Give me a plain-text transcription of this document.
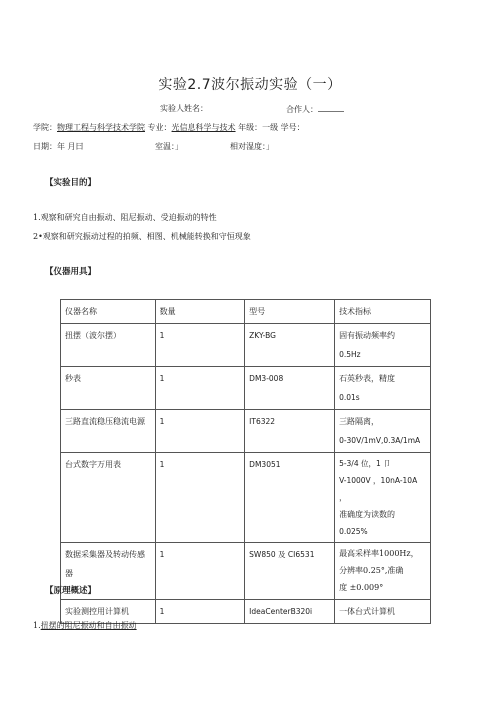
实验2.7波尔振动实验（一）
实验人姓名：	合作人：
学院：物理工程与科学技术学院 专业：光信息科学与技术 年级：一级 学号：
日期：年 月曰	室温：」	相对湿度：」
【实验目的】
1.观察和研究自由振动、阻尼振动、受迫振动的特性
2•观察和研究振动过程的拍频、相图、机械能转换和守恒现象
【仪器用具】
仪器名称	数量	型号	技术指标
扭摆（波尔摆）	1	ZKY-BG	固有振动频率约
0.5Hz

秒表	1	DM3-008	石英秒表，精度
0.01s

三路直流稳压稳流电源	1	IT6322	三路隔离，
0-30V/1mV,0.3A/1mA

台式数字万用表	1	DM3051	5-3/4 位，1 卩
V-1000V ，10nA-10A ，
准确度为读数的
0.025%

数据采集器及转动传感器	1	SW850 及 CI6531	最高采样率1000Hz，
分辨率0.25°,准确
度 ±0.009°

实验测控用计算机	1	IdeaCenterB320i	一体台式计算机
【原理概述】
1.扭摆的阻尼振动和自由振动
